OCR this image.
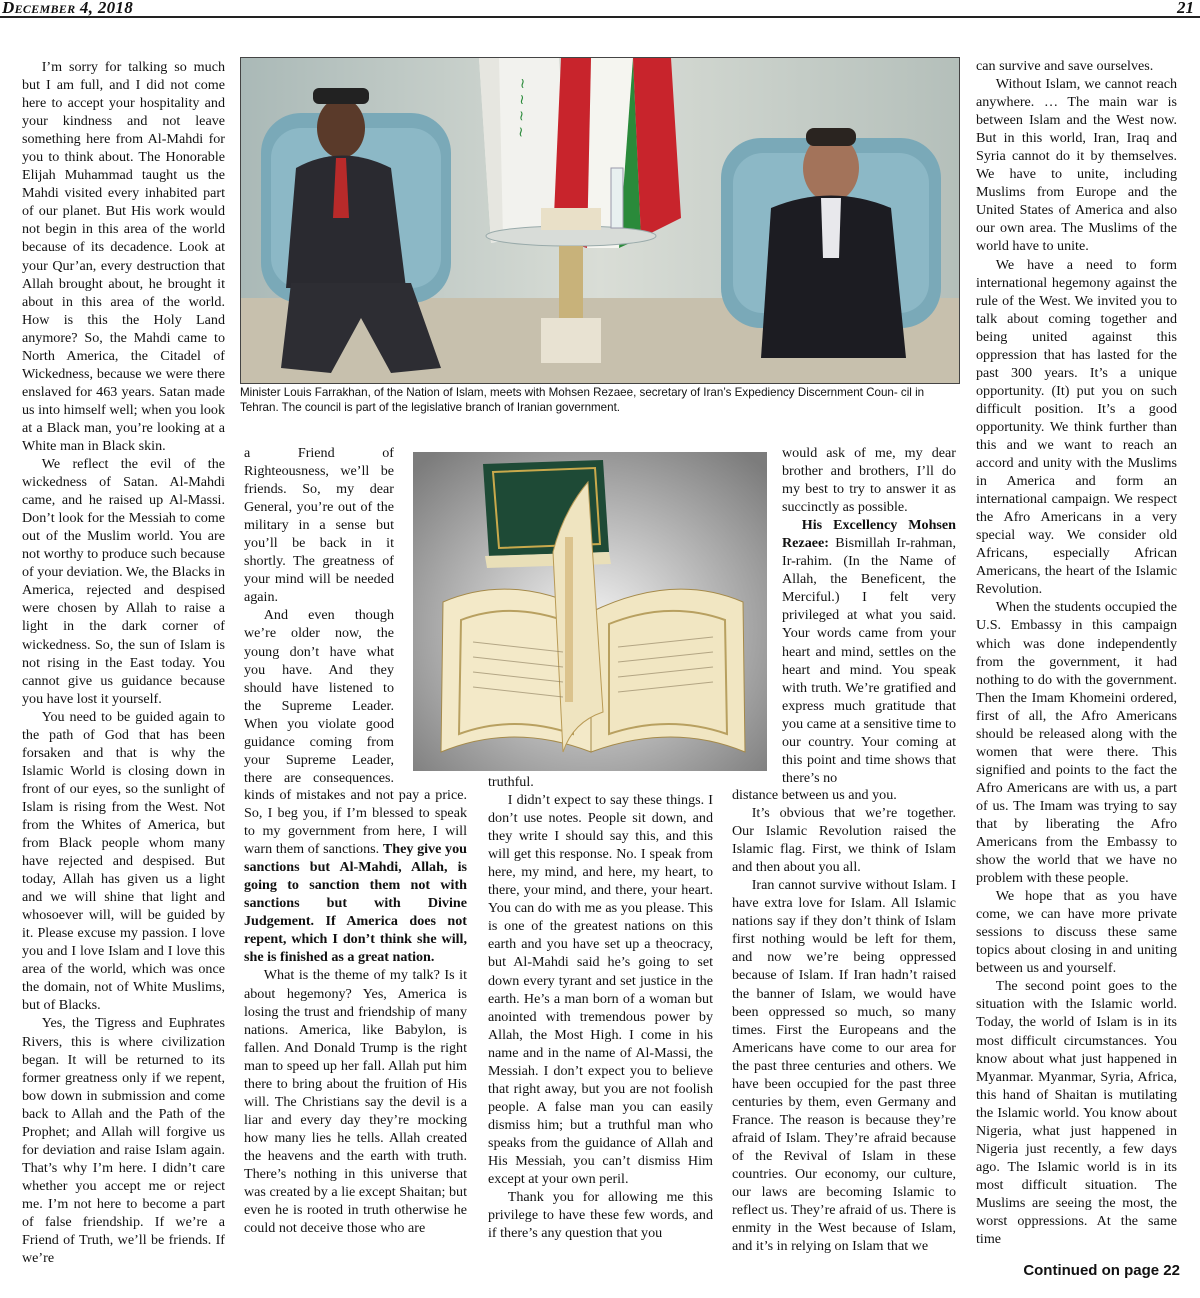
December 4, 2018	21

I’m sorry for talking so much but I am full, and I did not come here to accept your hospitality and your kindness and not leave something here from Al-Mahdi for you to think about. The Honorable Elijah Muhammad taught us the Mahdi visited every inhabited part of our planet. But His work would not begin in this area of the world because of its decadence. Look at your Qur’an, every destruction that Allah brought about, he brought it about in this area of the world. How is this the Holy Land anymore? So, the Mahdi came to North America, the Citadel of Wickedness, because we were there enslaved for 463 years. Satan made us into himself well; when you look at a Black man, you’re looking at a White man in Black skin.

We reflect the evil of the wickedness of Satan. Al-Mahdi came, and he raised up Al-Massi. Don’t look for the Messiah to come out of the Muslim world. You are not worthy to produce such because of your deviation. We, the Blacks in America, rejected and despised were chosen by Allah to raise a light in the dark corner of wickedness. So, the sun of Islam is not rising in the East today. You cannot give us guidance because you have lost it yourself.

You need to be guided again to the path of God that has been forsaken and that is why the Islamic World is closing down in front of our eyes, so the sunlight of Islam is rising from the West. Not from the Whites of America, but from Black people whom many have rejected and despised. But today, Allah has given us a light and we will shine that light and whosoever will, will be guided by it. Please excuse my passion. I love you and I love Islam and I love this area of the world, which was once the domain, not of White Muslims, but of Blacks.

Yes, the Tigress and Euphrates Rivers, this is where civilization began. It will be returned to its former greatness only if we repent, bow down in submission and come back to Allah and the Path of the Prophet; and Allah will forgive us for deviation and raise Islam again. That’s why I’m here. I didn’t care whether you accept me or reject me. I’m not here to become a part of false friendship. If we’re a Friend of Truth, we’ll be friends. If we’re

~ ~ ~ ~
Minister Louis Farrakhan, of the Nation of Islam, meets with Mohsen Rezaee, secretary of Iran’s Expediency Discernment Coun- cil in Tehran. The council is part of the legislative branch of Iranian government.

a Friend of Righteousness, we’ll be friends. So, my dear General, you’re out of the military in a sense but you’ll be back in it shortly. The greatness of your mind will be needed again.

And even though we’re older now, the young don’t have what you have. And they should have listened to the Supreme Leader. When you violate good guidance coming from your Supreme Leader, there are consequences.

kinds of mistakes and not pay a price. So, I beg you, if I’m blessed to speak to my government from here, I will warn them of sanctions. They give you sanctions but Al-Mahdi, Allah, is going to sanction them not with sanctions but with Divine Judgement. If America does not repent, which I don’t think she will, she is finished as a great nation.

What is the theme of my talk? Is it about hegemony? Yes, America is losing the trust and friendship of many nations. America, like Babylon, is fallen. And Donald Trump is the right man to speed up her fall. Allah put him there to bring about the fruition of His will. The Christians say the devil is a liar and every day they’re mocking how many lies he tells. Allah created the heavens and the earth with truth. There’s nothing in this universe that was created by a lie except Shaitan; but even he is rooted in truth otherwise he could not deceive those who are

truthful.

I didn’t expect to say these things. I don’t use notes. People sit down, and they write I should say this, and this will get this response. No. I speak from here, my mind, and here, my heart, to there, your mind, and there, your heart. You can do with me as you please. This is one of the greatest nations on this earth and you have set up a theocracy, but Al-Mahdi said he’s going to set down every tyrant and set justice in the earth. He’s a man born of a woman but anointed with tremendous power by Allah, the Most High. I come in his name and in the name of Al-Massi, the Messiah. I don’t expect you to believe that right away, but you are not foolish people. A false man you can easily dismiss him; but a truthful man who speaks from the guidance of Allah and His Messiah, you can’t dismiss Him except at your own peril.

Thank you for allowing me this privilege to have these few words, and if there’s any question that you

would ask of me, my dear brother and brothers, I’ll do my best to try to answer it as succinctly as possible.

His Excellency Mohsen Rezaee: Bismillah Ir-rahman, Ir-rahim. (In the Name of Allah, the Beneficent, the Merciful.) I felt very privileged at what you said. Your words came from your heart and mind, settles on the heart and mind. You speak with truth. We’re gratified and express much gratitude that you came at a sensitive time to our country. Your coming at this point and time shows that there’s no

distance between us and you.

It’s obvious that we’re together. Our Islamic Revolution raised the Islamic flag. First, we think of Islam and then about you all.

Iran cannot survive without Islam. I have extra love for Islam. All Islamic nations say if they don’t think of Islam first nothing would be left for them, and now we’re being oppressed because of Islam. If Iran hadn’t raised the banner of Islam, we would have been oppressed so much, so many times. First the Europeans and the Americans have come to our area for the past three centuries and others. We have been occupied for the past three centuries by them, even Germany and France. The reason is because they’re afraid of Islam. They’re afraid because of the Revival of Islam in these countries. Our economy, our culture, our laws are becoming Islamic to reflect us. They’re afraid of us. There is enmity in the West because of Islam, and it’s in relying on Islam that we

can survive and save ourselves.

Without Islam, we cannot reach anywhere. … The main war is between Islam and the West now. But in this world, Iran, Iraq and Syria cannot do it by themselves. We have to unite, including Muslims from Europe and the United States of America and also our own area. The Muslims of the world have to unite.

We have a need to form international hegemony against the rule of the West. We invited you to talk about coming together and being united against this oppression that has lasted for the past 300 years. It’s a unique opportunity. (It) put you on such difficult position. It’s a good opportunity. We think further than this and we want to reach an accord and unity with the Muslims in America and form an international campaign. We respect the Afro Americans in a very special way. We consider old Africans, especially African Americans, the heart of the Islamic Revolution.

When the students occupied the U.S. Embassy in this campaign which was done independently from the government, it had nothing to do with the government. Then the Imam Khomeini ordered, first of all, the Afro Americans should be released along with the women that were there. This signified and points to the fact the Afro Americans are with us, a part of us. The Imam was trying to say that by liberating the Afro Americans from the Embassy to show the world that we have no problem with these people.

We hope that as you have come, we can have more private sessions to discuss these same topics about closing in and uniting between us and yourself.

The second point goes to the situation with the Islamic world. Today, the world of Islam is in its most difficult circumstances. You know about what just happened in Myanmar. Myanmar, Syria, Africa, this hand of Shaitan is mutilating the Islamic world. You know about Nigeria, what just happened in Nigeria just recently, a few days ago. The Islamic world is in its most difficult situation. The Muslims are seeing the most, the worst oppressions. At the same time

Continued on page 22
